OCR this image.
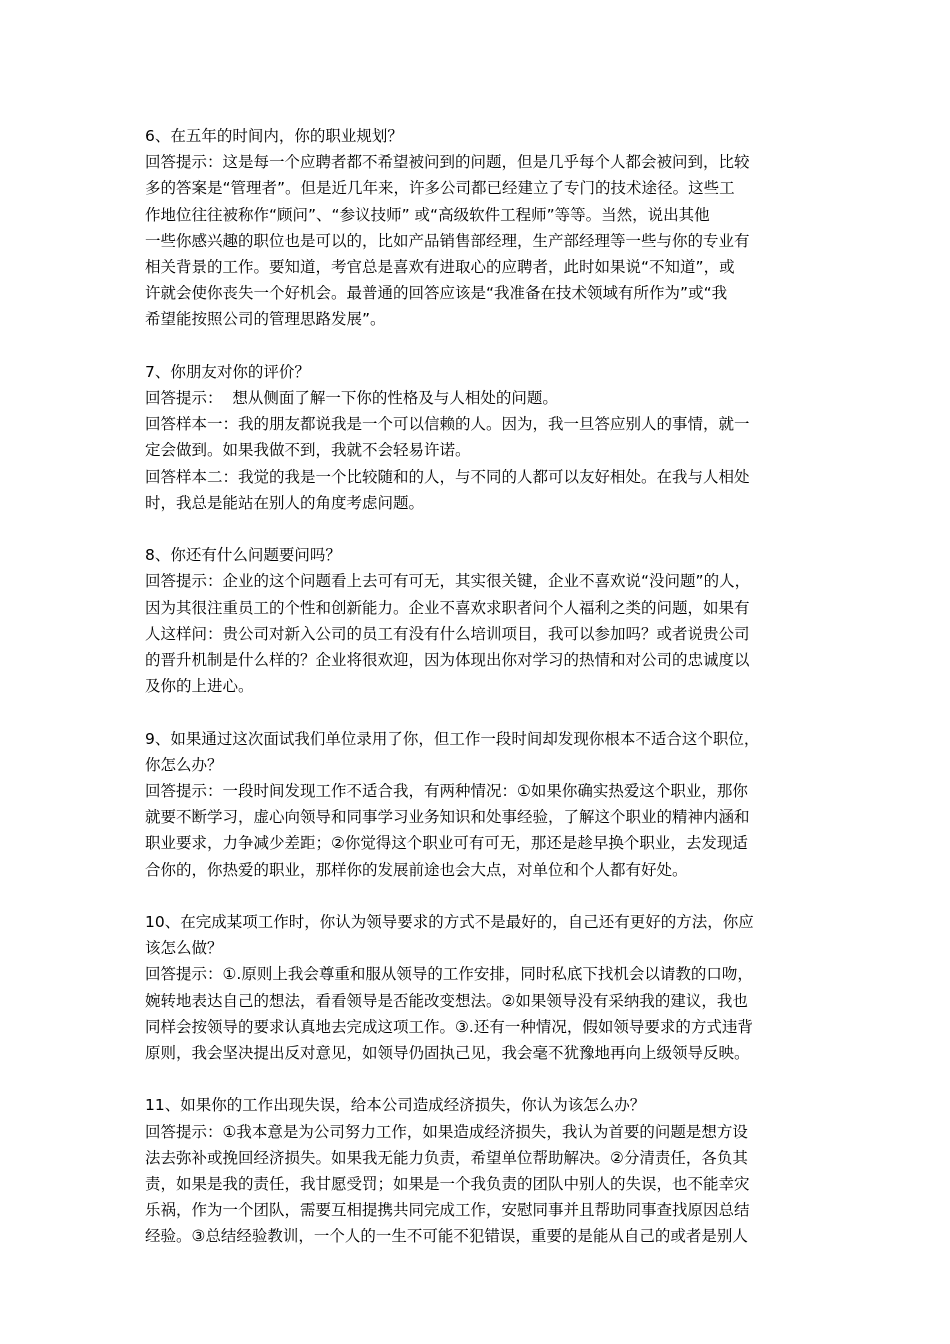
6、在五年的时间内，你的职业规划？
回答提示：这是每一个应聘者都不希望被问到的问题，但是几乎每个人都会被问到，比较
多的答案是“管理者”。但是近几年来，许多公司都已经建立了专门的技术途径。这些工
作地位往往被称作“顾问”、“参议技师” 或“高级软件工程师”等等。当然，说出其他
一些你感兴趣的职位也是可以的，比如产品销售部经理，生产部经理等一些与你的专业有
相关背景的工作。要知道，考官总是喜欢有进取心的应聘者，此时如果说“不知道”，或
许就会使你丧失一个好机会。最普通的回答应该是“我准备在技术领域有所作为”或“我
希望能按照公司的管理思路发展”。
7、你朋友对你的评价？
回答提示：  想从侧面了解一下你的性格及与人相处的问题。
回答样本一：我的朋友都说我是一个可以信赖的人。因为，我一旦答应别人的事情，就一
定会做到。如果我做不到，我就不会轻易许诺。
回答样本二：我觉的我是一个比较随和的人，与不同的人都可以友好相处。在我与人相处
时，我总是能站在别人的角度考虑问题。
8、你还有什么问题要问吗？
回答提示：企业的这个问题看上去可有可无，其实很关键，企业不喜欢说“没问题”的人，
因为其很注重员工的个性和创新能力。企业不喜欢求职者问个人福利之类的问题，如果有
人这样问：贵公司对新入公司的员工有没有什么培训项目，我可以参加吗？或者说贵公司
的晋升机制是什么样的？企业将很欢迎，因为体现出你对学习的热情和对公司的忠诚度以
及你的上进心。
9、如果通过这次面试我们单位录用了你，但工作一段时间却发现你根本不适合这个职位，
你怎么办？
回答提示：一段时间发现工作不适合我，有两种情况：①如果你确实热爱这个职业，那你
就要不断学习，虚心向领导和同事学习业务知识和处事经验，了解这个职业的精神内涵和
职业要求，力争减少差距；②你觉得这个职业可有可无，那还是趁早换个职业，去发现适
合你的，你热爱的职业，那样你的发展前途也会大点，对单位和个人都有好处。
10、在完成某项工作时，你认为领导要求的方式不是最好的，自己还有更好的方法，你应
该怎么做？
回答提示：①.原则上我会尊重和服从领导的工作安排，同时私底下找机会以请教的口吻，
婉转地表达自己的想法，看看领导是否能改变想法。②如果领导没有采纳我的建议，我也
同样会按领导的要求认真地去完成这项工作。③.还有一种情况，假如领导要求的方式违背
原则，我会坚决提出反对意见，如领导仍固执己见，我会毫不犹豫地再向上级领导反映。
11、如果你的工作出现失误，给本公司造成经济损失，你认为该怎么办？
回答提示：①我本意是为公司努力工作，如果造成经济损失，我认为首要的问题是想方设
法去弥补或挽回经济损失。如果我无能力负责，希望单位帮助解决。②分清责任，各负其
责，如果是我的责任，我甘愿受罚；如果是一个我负责的团队中别人的失误，也不能幸灾
乐祸，作为一个团队，需要互相提携共同完成工作，安慰同事并且帮助同事查找原因总结
经验。③总结经验教训，一个人的一生不可能不犯错误，重要的是能从自己的或者是别人
